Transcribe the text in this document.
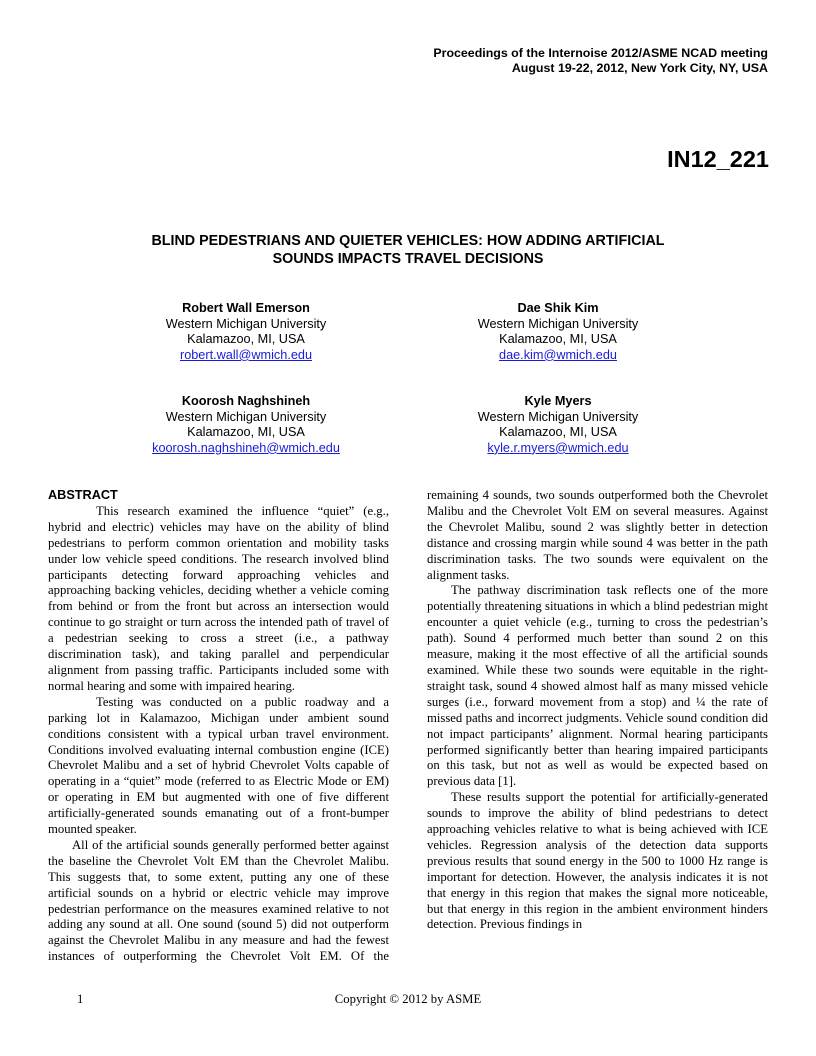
Proceedings of the Internoise 2012/ASME NCAD meeting
August 19-22, 2012, New York City, NY, USA
IN12_221
BLIND PEDESTRIANS AND QUIETER VEHICLES: HOW ADDING ARTIFICIAL
SOUNDS IMPACTS TRAVEL DECISIONS
Robert Wall Emerson
Western Michigan University
Kalamazoo, MI, USA
robert.wall@wmich.edu
Dae Shik Kim
Western Michigan University
Kalamazoo, MI, USA
dae.kim@wmich.edu
Koorosh Naghshineh
Western Michigan University
Kalamazoo, MI, USA
koorosh.naghshineh@wmich.edu
Kyle Myers
Western Michigan University
Kalamazoo, MI, USA
kyle.r.myers@wmich.edu
ABSTRACT

This research examined the influence “quiet” (e.g., hybrid and electric) vehicles may have on the ability of blind pedestrians to perform common orientation and mobility tasks under low vehicle speed conditions. The research involved blind participants detecting forward approaching vehicles and approaching backing vehicles, deciding whether a vehicle coming from behind or from the front but across an intersection would continue to go straight or turn across the intended path of travel of a pedestrian seeking to cross a street (i.e., a pathway discrimination task), and taking parallel and perpendicular alignment from passing traffic. Participants included some with normal hearing and some with impaired hearing.

Testing was conducted on a public roadway and a parking lot in Kalamazoo, Michigan under ambient sound conditions consistent with a typical urban travel environment. Conditions involved evaluating internal combustion engine (ICE) Chevrolet Malibu and a set of hybrid Chevrolet Volts capable of operating in a “quiet” mode (referred to as Electric Mode or EM) or operating in EM but augmented with one of five different artificially-generated sounds emanating out of a front-bumper mounted speaker.

All of the artificial sounds generally performed better against the baseline the Chevrolet Volt EM than the Chevrolet Malibu. This suggests that, to some extent, putting any one of these artificial sounds on a hybrid or electric vehicle may improve pedestrian performance on the measures examined relative to not adding any sound at all. One sound (sound 5) did not outperform against the Chevrolet Malibu in any measure and had the fewest instances of outperforming the Chevrolet Volt EM. Of the

remaining 4 sounds, two sounds outperformed both the Chevrolet Malibu and the Chevrolet Volt EM on several measures. Against the Chevrolet Malibu, sound 2 was slightly better in detection distance and crossing margin while sound 4 was better in the path discrimination tasks. The two sounds were equivalent on the alignment tasks.

The pathway discrimination task reflects one of the more potentially threatening situations in which a blind pedestrian might encounter a quiet vehicle (e.g., turning to cross the pedestrian’s path). Sound 4 performed much better than sound 2 on this measure, making it the most effective of all the artificial sounds examined. While these two sounds were equitable in the right-straight task, sound 4 showed almost half as many missed vehicle surges (i.e., forward movement from a stop) and ¼ the rate of missed paths and incorrect judgments. Vehicle sound condition did not impact participants’ alignment. Normal hearing participants performed significantly better than hearing impaired participants on this task, but not as well as would be expected based on previous data [1].

These results support the potential for artificially-generated sounds to improve the ability of blind pedestrians to detect approaching vehicles relative to what is being achieved with ICE vehicles. Regression analysis of the detection data supports previous results that sound energy in the 500 to 1000 Hz range is important for detection. However, the analysis indicates it is not that energy in this region that makes the signal more noticeable, but that energy in this region in the ambient environment hinders detection. Previous findings in

1	Copyright © 2012 by ASME
